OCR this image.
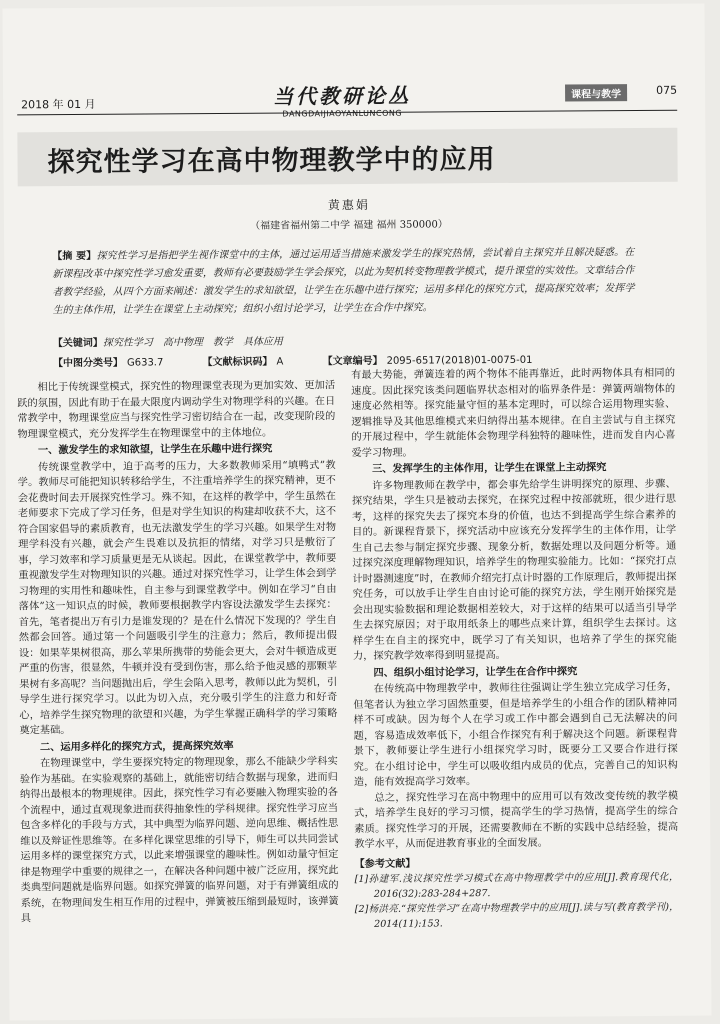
2018 年 01 月	当代教研论丛
DANGDAIJIAOYANLUNCONG
课程与教学	075
探究性学习在高中物理教学中的应用
黄惠娟
（福建省福州第二中学 福建 福州 350000）
【摘 要】探究性学习是指把学生视作课堂中的主体，通过运用适当措施来激发学生的探究热情，尝试着自主探究并且解决疑惑。在新课程改革中探究性学习愈发重要，教师有必要鼓励学生学会探究，以此为契机转变物理教学模式，提升课堂的实效性。文章结合作者教学经验，从四个方面来阐述：激发学生的求知欲望，让学生在乐趣中进行探究；运用多样化的探究方式，提高探究效率；发挥学生的主体作用，让学生在课堂上主动探究；组织小组讨论学习，让学生在合作中探究。
【关键词】探究性学习　高中物理　教学　具体应用
【中图分类号】 G633.7	【文献标识码】 A	【文章编号】 2095-6517(2018)01-0075-01

相比于传统课堂模式，探究性的物理课堂表现为更加实效、更加活跃的氛围，因此有助于在最大限度内调动学生对物理学科的兴趣。在日常教学中，物理课堂应当与探究性学习密切结合在一起，改变现阶段的物理课堂模式，充分发挥学生在物理课堂中的主体地位。

一、激发学生的求知欲望，让学生在乐趣中进行探究

传统课堂教学中，迫于高考的压力，大多数教师采用“填鸭式”教学。教师尽可能把知识转移给学生，不注重培养学生的探究精神，更不会花费时间去开展探究性学习。殊不知，在这样的教学中，学生虽然在老师要求下完成了学习任务，但是对学生知识的构建却收获不大，这不符合国家倡导的素质教育，也无法激发学生的学习兴趣。如果学生对物理学科没有兴趣，就会产生畏难以及抗拒的情绪，对学习只是敷衍了事，学习效率和学习质量更是无从谈起。因此，在课堂教学中，教师要重视激发学生对物理知识的兴趣。通过对探究性学习，让学生体会到学习物理的实用性和趣味性，自主参与到课堂教学中。例如在学习“自由落体”这一知识点的时候，教师要根据教学内容设法激发学生去探究：首先，笔者提出万有引力是谁发现的？是在什么情况下发现的？学生自然都会回答。通过第一个问题吸引学生的注意力；然后，教师提出假设：如果苹果树很高，那么苹果所携带的势能会更大，会对牛顿造成更严重的伤害，很显然，牛顿并没有受到伤害，那么给予他灵感的那颗苹果树有多高呢？当问题抛出后，学生会陷入思考，教师以此为契机，引导学生进行探究学习。以此为切入点，充分吸引学生的注意力和好奇心，培养学生探究物理的欲望和兴趣，为学生掌握正确科学的学习策略奠定基础。

二、运用多样化的探究方式，提高探究效率

在物理课堂中，学生要探究特定的物理现象，那么不能缺少学科实验作为基础。在实验观察的基础上，就能密切结合数据与现象，进而归纳得出最根本的物理规律。因此，探究性学习有必要融入物理实验的各个流程中，通过直观现象进而获得抽象性的学科规律。探究性学习应当包含多样化的手段与方式，其中典型为临界问题、逆向思维、概括性思维以及辩证性思维等。在多样化课堂思维的引导下，师生可以共同尝试运用多样的课堂探究方式，以此来增强课堂的趣味性。例如动量守恒定律是物理学中重要的规律之一，在解决各种问题中被广泛应用，探究此类典型问题就是临界问题。如探究弹簧的临界问题，对于有弹簧组成的系统，在物理间发生相互作用的过程中，弹簧被压缩到最短时，该弹簧具

有最大势能，弹簧连着的两个物体不能再靠近，此时两物体具有相同的速度。因此探究该类问题临界状态相对的临界条件是：弹簧两端物体的速度必然相等。探究能量守恒的基本定理时，可以综合运用物理实验、逻辑推导及其他思维模式来归纳得出基本规律。在自主尝试与自主探究的开展过程中，学生就能体会物理学科独特的趣味性，进而发自内心喜爱学习物理。

三、发挥学生的主体作用，让学生在课堂上主动探究

许多物理教师在教学中，都会事先给学生讲明探究的原理、步骤、探究结果，学生只是被动去探究，在探究过程中按部就班，很少进行思考，这样的探究失去了探究本身的价值，也达不到提高学生综合素养的目的。新课程背景下，探究活动中应该充分发挥学生的主体作用，让学生自己去参与制定探究步骤、现象分析，数据处理以及问题分析等。通过探究深度理解物理知识，培养学生的物理实验能力。比如：“探究打点计时器测速度”时，在教师介绍完打点计时器的工作原理后，教师提出探究任务，可以放手让学生自由讨论可能的探究方法，学生刚开始探究是会出现实验数据和理论数据相差较大，对于这样的结果可以适当引导学生去探究原因；对于取用纸条上的哪些点来计算，组织学生去探讨。这样学生在自主的探究中，既学习了有关知识，也培养了学生的探究能力，探究教学效率得到明显提高。

四、组织小组讨论学习，让学生在合作中探究

在传统高中物理教学中，教师往往强调让学生独立完成学习任务，但笔者认为独立学习固然重要，但是培养学生的小组合作的团队精神同样不可或缺。因为每个人在学习或工作中都会遇到自己无法解决的问题，容易造成效率低下，小组合作探究有利于解决这个问题。新课程背景下，教师要让学生进行小组探究学习时，既要分工又要合作进行探究。在小组讨论中，学生可以吸收组内成员的优点，完善自己的知识构造，能有效提高学习效率。

总之，探究性学习在高中物理中的应用可以有效改变传统的教学模式，培养学生良好的学习习惯，提高学生的学习热情，提高学生的综合素质。探究性学习的开展，还需要教师在不断的实践中总结经验，提高教学水平，从而促进教育事业的全面发展。

【参考文献】
[1]孙建军.浅议探究性学习模式在高中物理教学中的应用[J].教育现代化，2016(32):283-284+287.
[2]杨洪亮.“探究性学习”在高中物理教学中的应用[J].读与写(教育教学刊)，2014(11):153.
